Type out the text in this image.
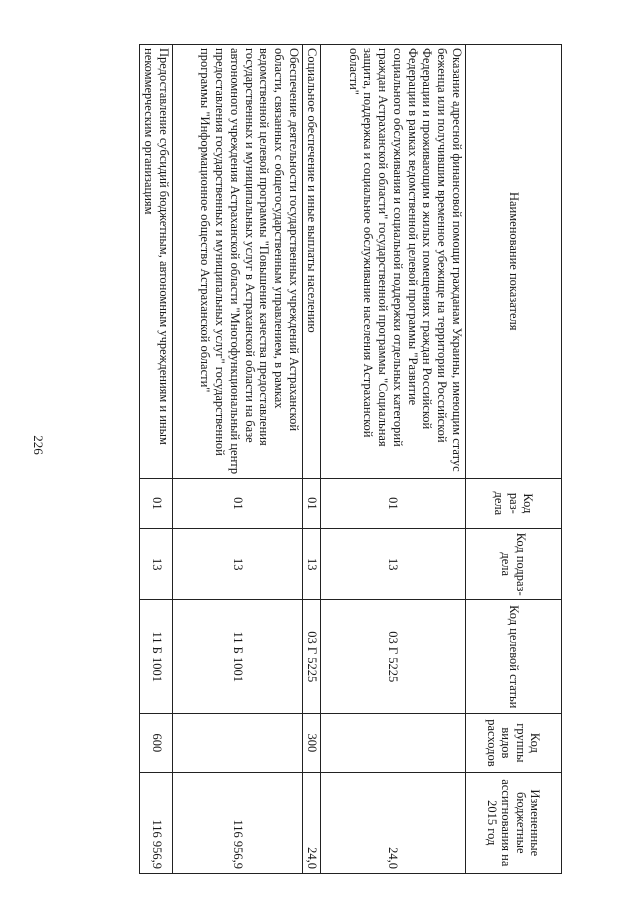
226
Наименование показателя	Код раз-дела	Код подраз-дела	Код целевой статьи	Код группы видов расходов	Измененные бюджетные ассигнования на 2015 год
Оказание адресной финансовой помощи гражданам Украины, имеющим статус беженца или получившим временное убежище на территории Российской Федерации и проживающим в жилых помещениях граждан Российской Федерации в рамках ведомственной целевой программы "Развитие социального обслуживания и социальной поддержки отдельных категорий граждан Астраханской области" государственной программы "Социальная защита, поддержка и социальное обслуживание населения Астраханской области"	01	13	03 Г 5225		24,0
Социальное обеспечение и иные выплаты населению	01	13	03 Г 5225	300	24,0
Обеспечение деятельности государственных учреждений Астраханской области, связанных с общегосударственным управлением, в рамках ведомственной целевой программы "Повышение качества предоставления государственных и муниципальных услуг в Астраханской области на базе автономного учреждения Астраханской области "Многофункциональный центр предоставления государственных и муниципальных услуг" государственной программы "Информационное общество Астраханской области"	01	13	11 Б 1001		116 956,9
Предоставление субсидий бюджетным, автономным учреждениям и иным некоммерческим организациям	01	13	11 Б 1001	600	116 956,9
